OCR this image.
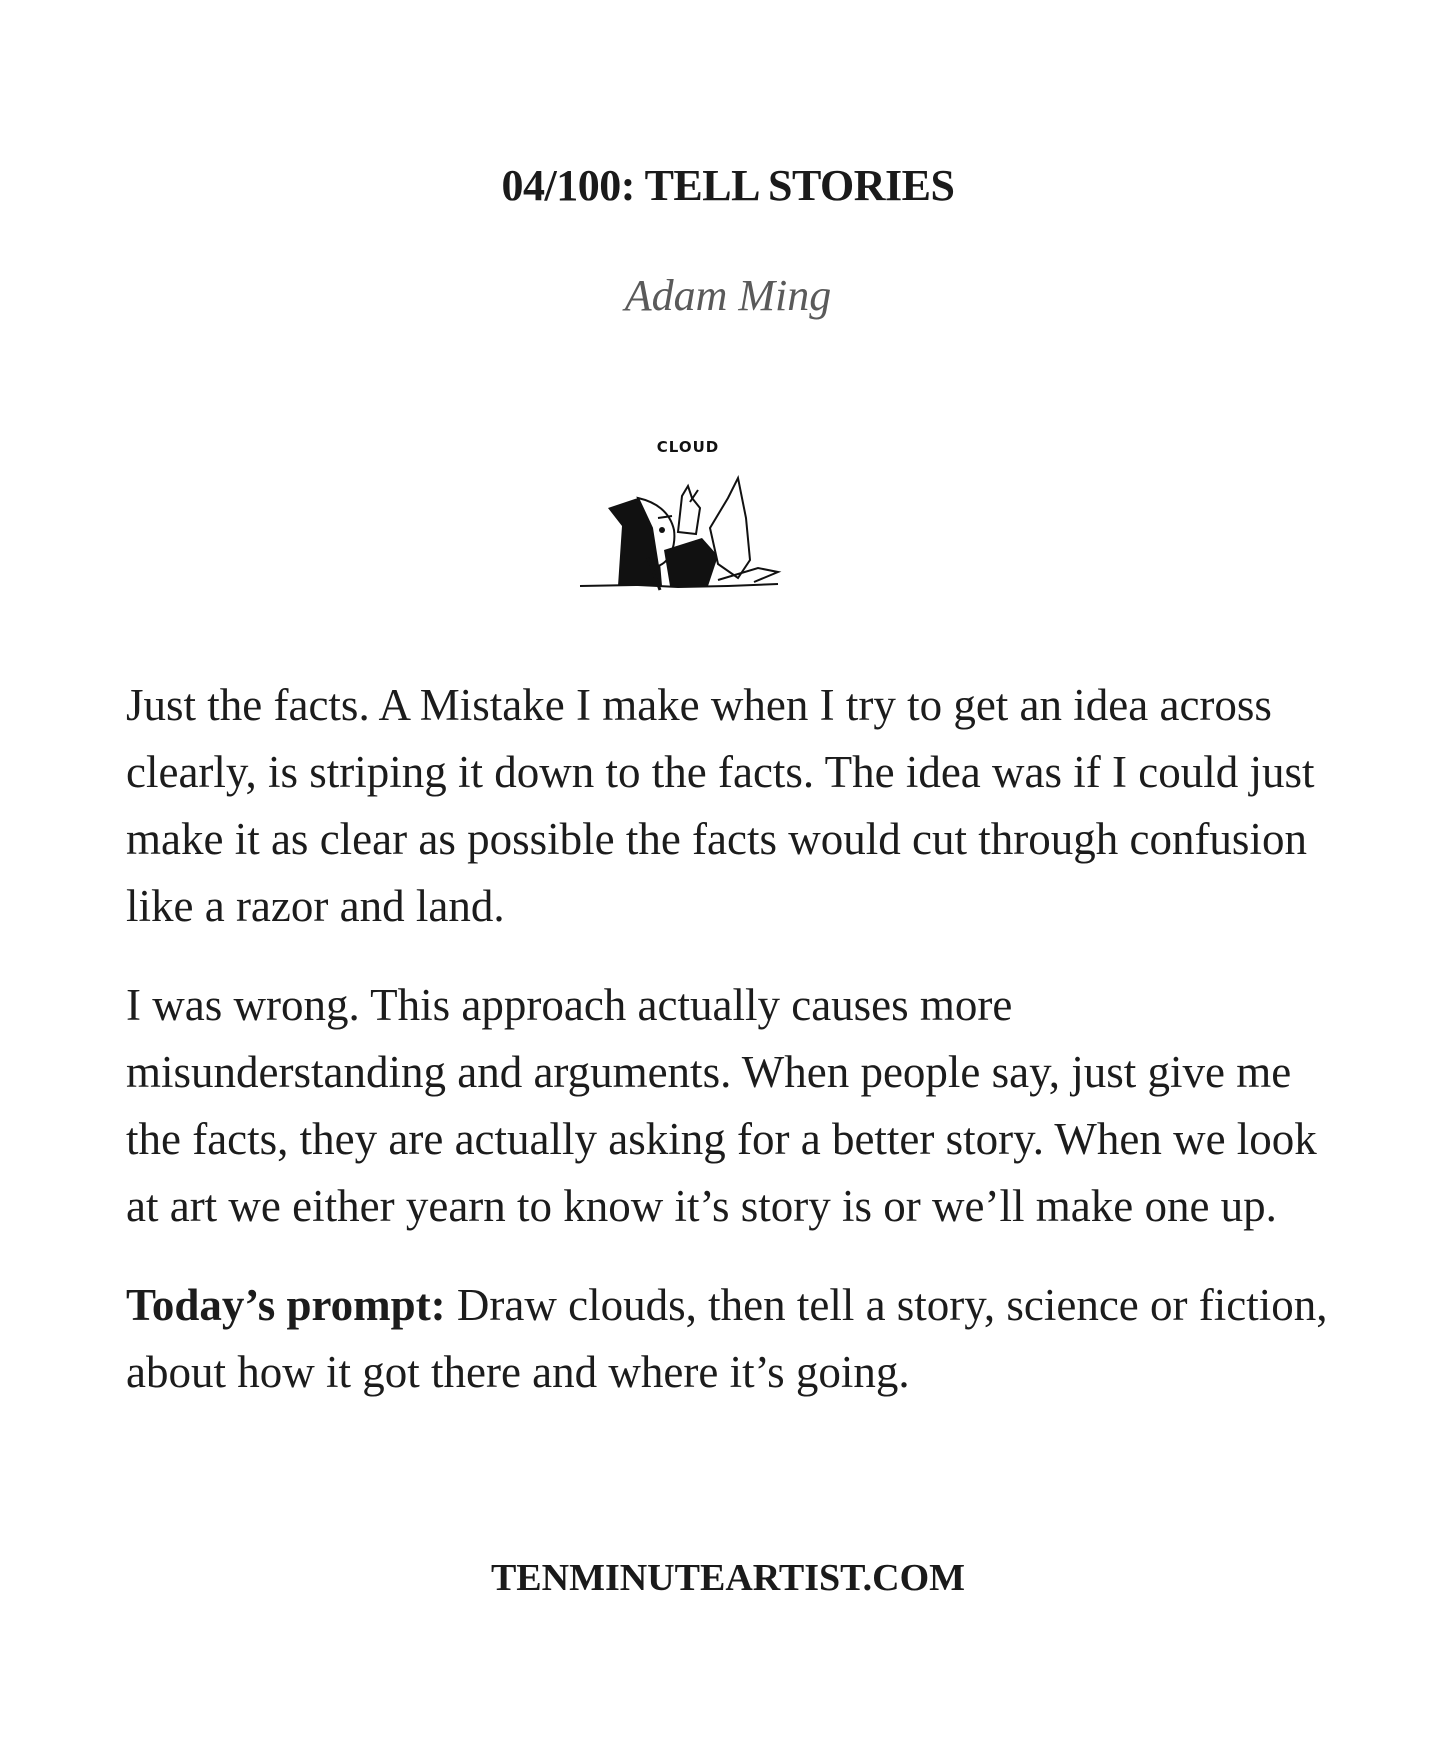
04/100: TELL STORIES
Adam Ming
CLOUD

Just the facts. A Mistake I make when I try to get an idea across clearly, is striping it down to the facts. The idea was if I could just make it as clear as possible the facts would cut through confusion like a razor and land.

I was wrong. This approach actually causes more misunderstanding and arguments. When people say, just give me the facts, they are actually asking for a better story. When we look at art we either yearn to know it’s story is or we’ll make one up.

Today’s prompt: Draw clouds, then tell a story, science or fiction, about how it got there and where it’s going.

TENMINUTEARTIST.COM
